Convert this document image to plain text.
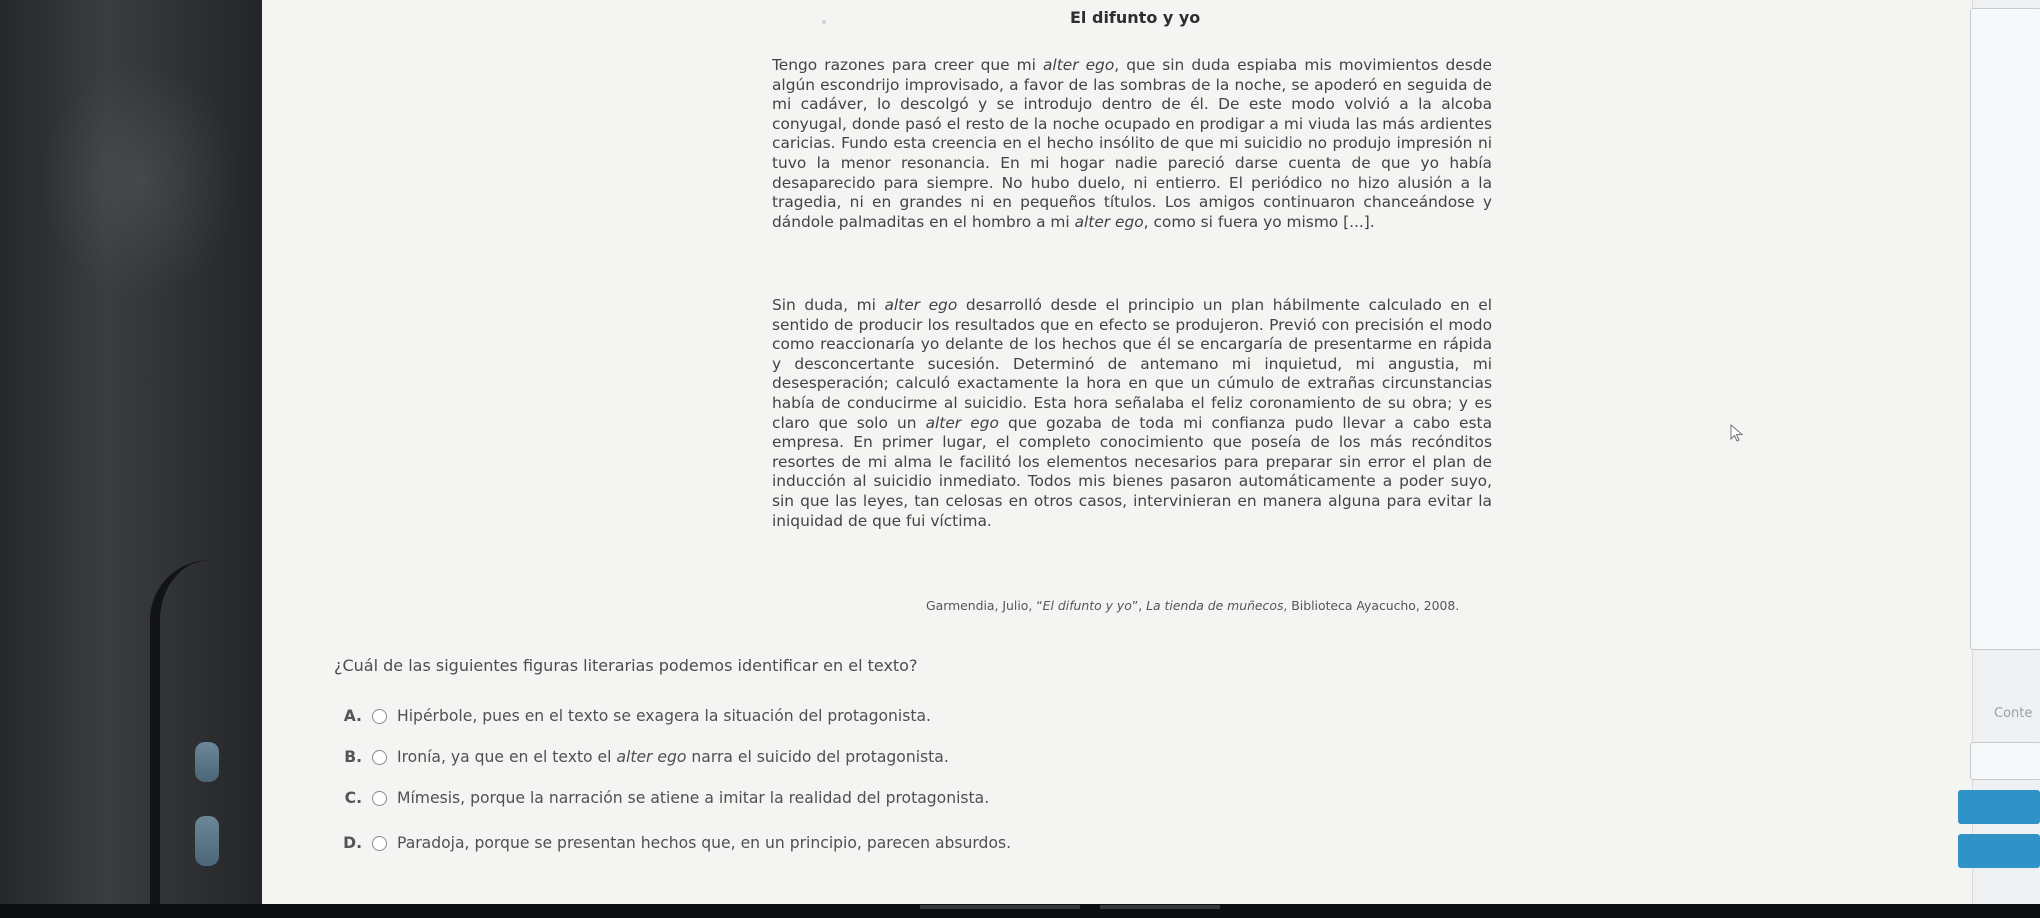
El difunto y yo

Tengo razones para creer que mi alter ego, que sin duda espiaba mis movimientos desde algún escondrijo improvisado, a favor de las sombras de la noche, se apoderó en seguida de mi cadáver, lo descolgó y se introdujo dentro de él. De este modo volvió a la alcoba conyugal, donde pasó el resto de la noche ocupado en prodigar a mi viuda las más ardientes caricias. Fundo esta creencia en el hecho insólito de que mi suicidio no produjo impresión ni tuvo la menor resonancia. En mi hogar nadie pareció darse cuenta de que yo había desaparecido para siempre. No hubo duelo, ni entierro. El periódico no hizo alusión a la tragedia, ni en grandes ni en pequeños títulos. Los amigos continuaron chanceándose y dándole palmaditas en el hombro a mi alter ego, como si fuera yo mismo [...].

Sin duda, mi alter ego desarrolló desde el principio un plan hábilmente calculado en el sentido de producir los resultados que en efecto se produjeron. Previó con precisión el modo como reaccionaría yo delante de los hechos que él se encargaría de presentarme en rápida y desconcertante sucesión. Determinó de antemano mi inquietud, mi angustia, mi desesperación; calculó exactamente la hora en que un cúmulo de extrañas circunstancias había de conducirme al suicidio. Esta hora señalaba el feliz coronamiento de su obra; y es claro que solo un alter ego que gozaba de toda mi confianza pudo llevar a cabo esta empresa. En primer lugar, el completo conocimiento que poseía de los más recónditos resortes de mi alma le facilitó los elementos necesarios para preparar sin error el plan de inducción al suicidio inmediato. Todos mis bienes pasaron automáticamente a poder suyo, sin que las leyes, tan celosas en otros casos, intervinieran en manera alguna para evitar la iniquidad de que fui víctima.

Garmendia, Julio, “El difunto y yo”, La tienda de muñecos, Biblioteca Ayacucho, 2008.

¿Cuál de las siguientes figuras literarias podemos identificar en el texto?

A. Hipérbole, pues en el texto se exagera la situación del protagonista.
B. Ironía, ya que en el texto el alter ego narra el suicido del protagonista.
C. Mímesis, porque la narración se atiene a imitar la realidad del protagonista.
D. Paradoja, porque se presentan hechos que, en un principio, parecen absurdos.
Conte
